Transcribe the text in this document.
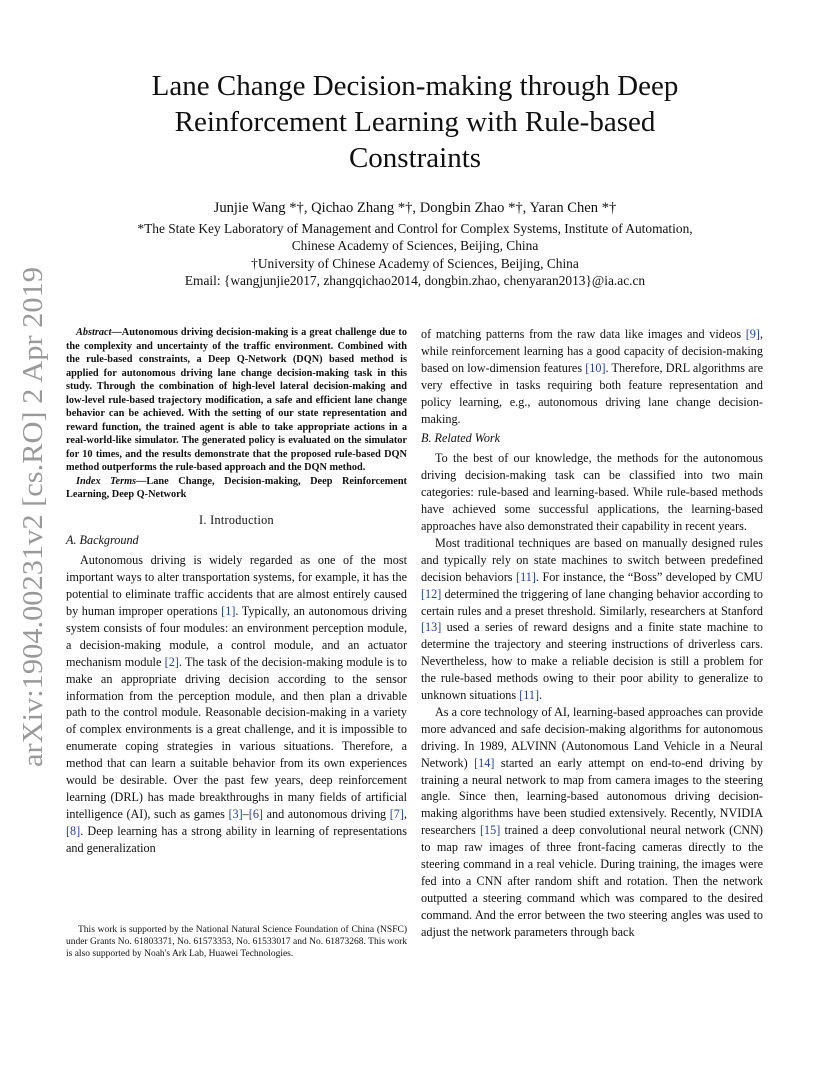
arXiv:1904.00231v2 [cs.RO] 2 Apr 2019
Lane Change Decision-making through Deep
Reinforcement Learning with Rule-based
Constraints
Junjie Wang *†, Qichao Zhang *†, Dongbin Zhao *†, Yaran Chen *†
*The State Key Laboratory of Management and Control for Complex Systems, Institute of Automation,
Chinese Academy of Sciences, Beijing, China
†University of Chinese Academy of Sciences, Beijing, China
Email: {wangjunjie2017, zhangqichao2014, dongbin.zhao, chenyaran2013}@ia.ac.cn

Abstract—Autonomous driving decision-making is a great challenge due to the complexity and uncertainty of the traffic environment. Combined with the rule-based constraints, a Deep Q-Network (DQN) based method is applied for autonomous driving lane change decision-making task in this study. Through the combination of high-level lateral decision-making and low-level rule-based trajectory modification, a safe and efficient lane change behavior can be achieved. With the setting of our state representation and reward function, the trained agent is able to take appropriate actions in a real-world-like simulator. The generated policy is evaluated on the simulator for 10 times, and the results demonstrate that the proposed rule-based DQN method outperforms the rule-based approach and the DQN method.

Index Terms—Lane Change, Decision-making, Deep Reinforcement Learning, Deep Q-Network

I. Introduction
A. Background

Autonomous driving is widely regarded as one of the most important ways to alter transportation systems, for example, it has the potential to eliminate traffic accidents that are almost entirely caused by human improper operations [1]. Typically, an autonomous driving system consists of four modules: an environment perception module, a decision-making module, a control module, and an actuator mechanism module [2]. The task of the decision-making module is to make an appropriate driving decision according to the sensor information from the perception module, and then plan a drivable path to the control module. Reasonable decision-making in a variety of complex environments is a great challenge, and it is impossible to enumerate coping strategies in various situations. Therefore, a method that can learn a suitable behavior from its own experiences would be desirable. Over the past few years, deep reinforcement learning (DRL) has made breakthroughs in many fields of artificial intelligence (AI), such as games [3]–[6] and autonomous driving [7], [8]. Deep learning has a strong ability in learning of representations and generalization

This work is supported by the National Natural Science Foundation of China (NSFC) under Grants No. 61803371, No. 61573353, No. 61533017 and No. 61873268. This work is also supported by Noah's Ark Lab, Huawei Technologies.

of matching patterns from the raw data like images and videos [9], while reinforcement learning has a good capacity of decision-making based on low-dimension features [10]. Therefore, DRL algorithms are very effective in tasks requiring both feature representation and policy learning, e.g., autonomous driving lane change decision-making.

B. Related Work

To the best of our knowledge, the methods for the autonomous driving decision-making task can be classified into two main categories: rule-based and learning-based. While rule-based methods have achieved some successful applications, the learning-based approaches have also demonstrated their capability in recent years.

Most traditional techniques are based on manually designed rules and typically rely on state machines to switch between predefined decision behaviors [11]. For instance, the “Boss” developed by CMU [12] determined the triggering of lane changing behavior according to certain rules and a preset threshold. Similarly, researchers at Stanford [13] used a series of reward designs and a finite state machine to determine the trajectory and steering instructions of driverless cars. Nevertheless, how to make a reliable decision is still a problem for the rule-based methods owing to their poor ability to generalize to unknown situations [11].

As a core technology of AI, learning-based approaches can provide more advanced and safe decision-making algorithms for autonomous driving. In 1989, ALVINN (Autonomous Land Vehicle in a Neural Network) [14] started an early attempt on end-to-end driving by training a neural network to map from camera images to the steering angle. Since then, learning-based autonomous driving decision-making algorithms have been studied extensively. Recently, NVIDIA researchers [15] trained a deep convolutional neural network (CNN) to map raw images of three front-facing cameras directly to the steering command in a real vehicle. During training, the images were fed into a CNN after random shift and rotation. Then the network outputted a steering command which was compared to the desired command. And the error between the two steering angles was used to adjust the network parameters through back
